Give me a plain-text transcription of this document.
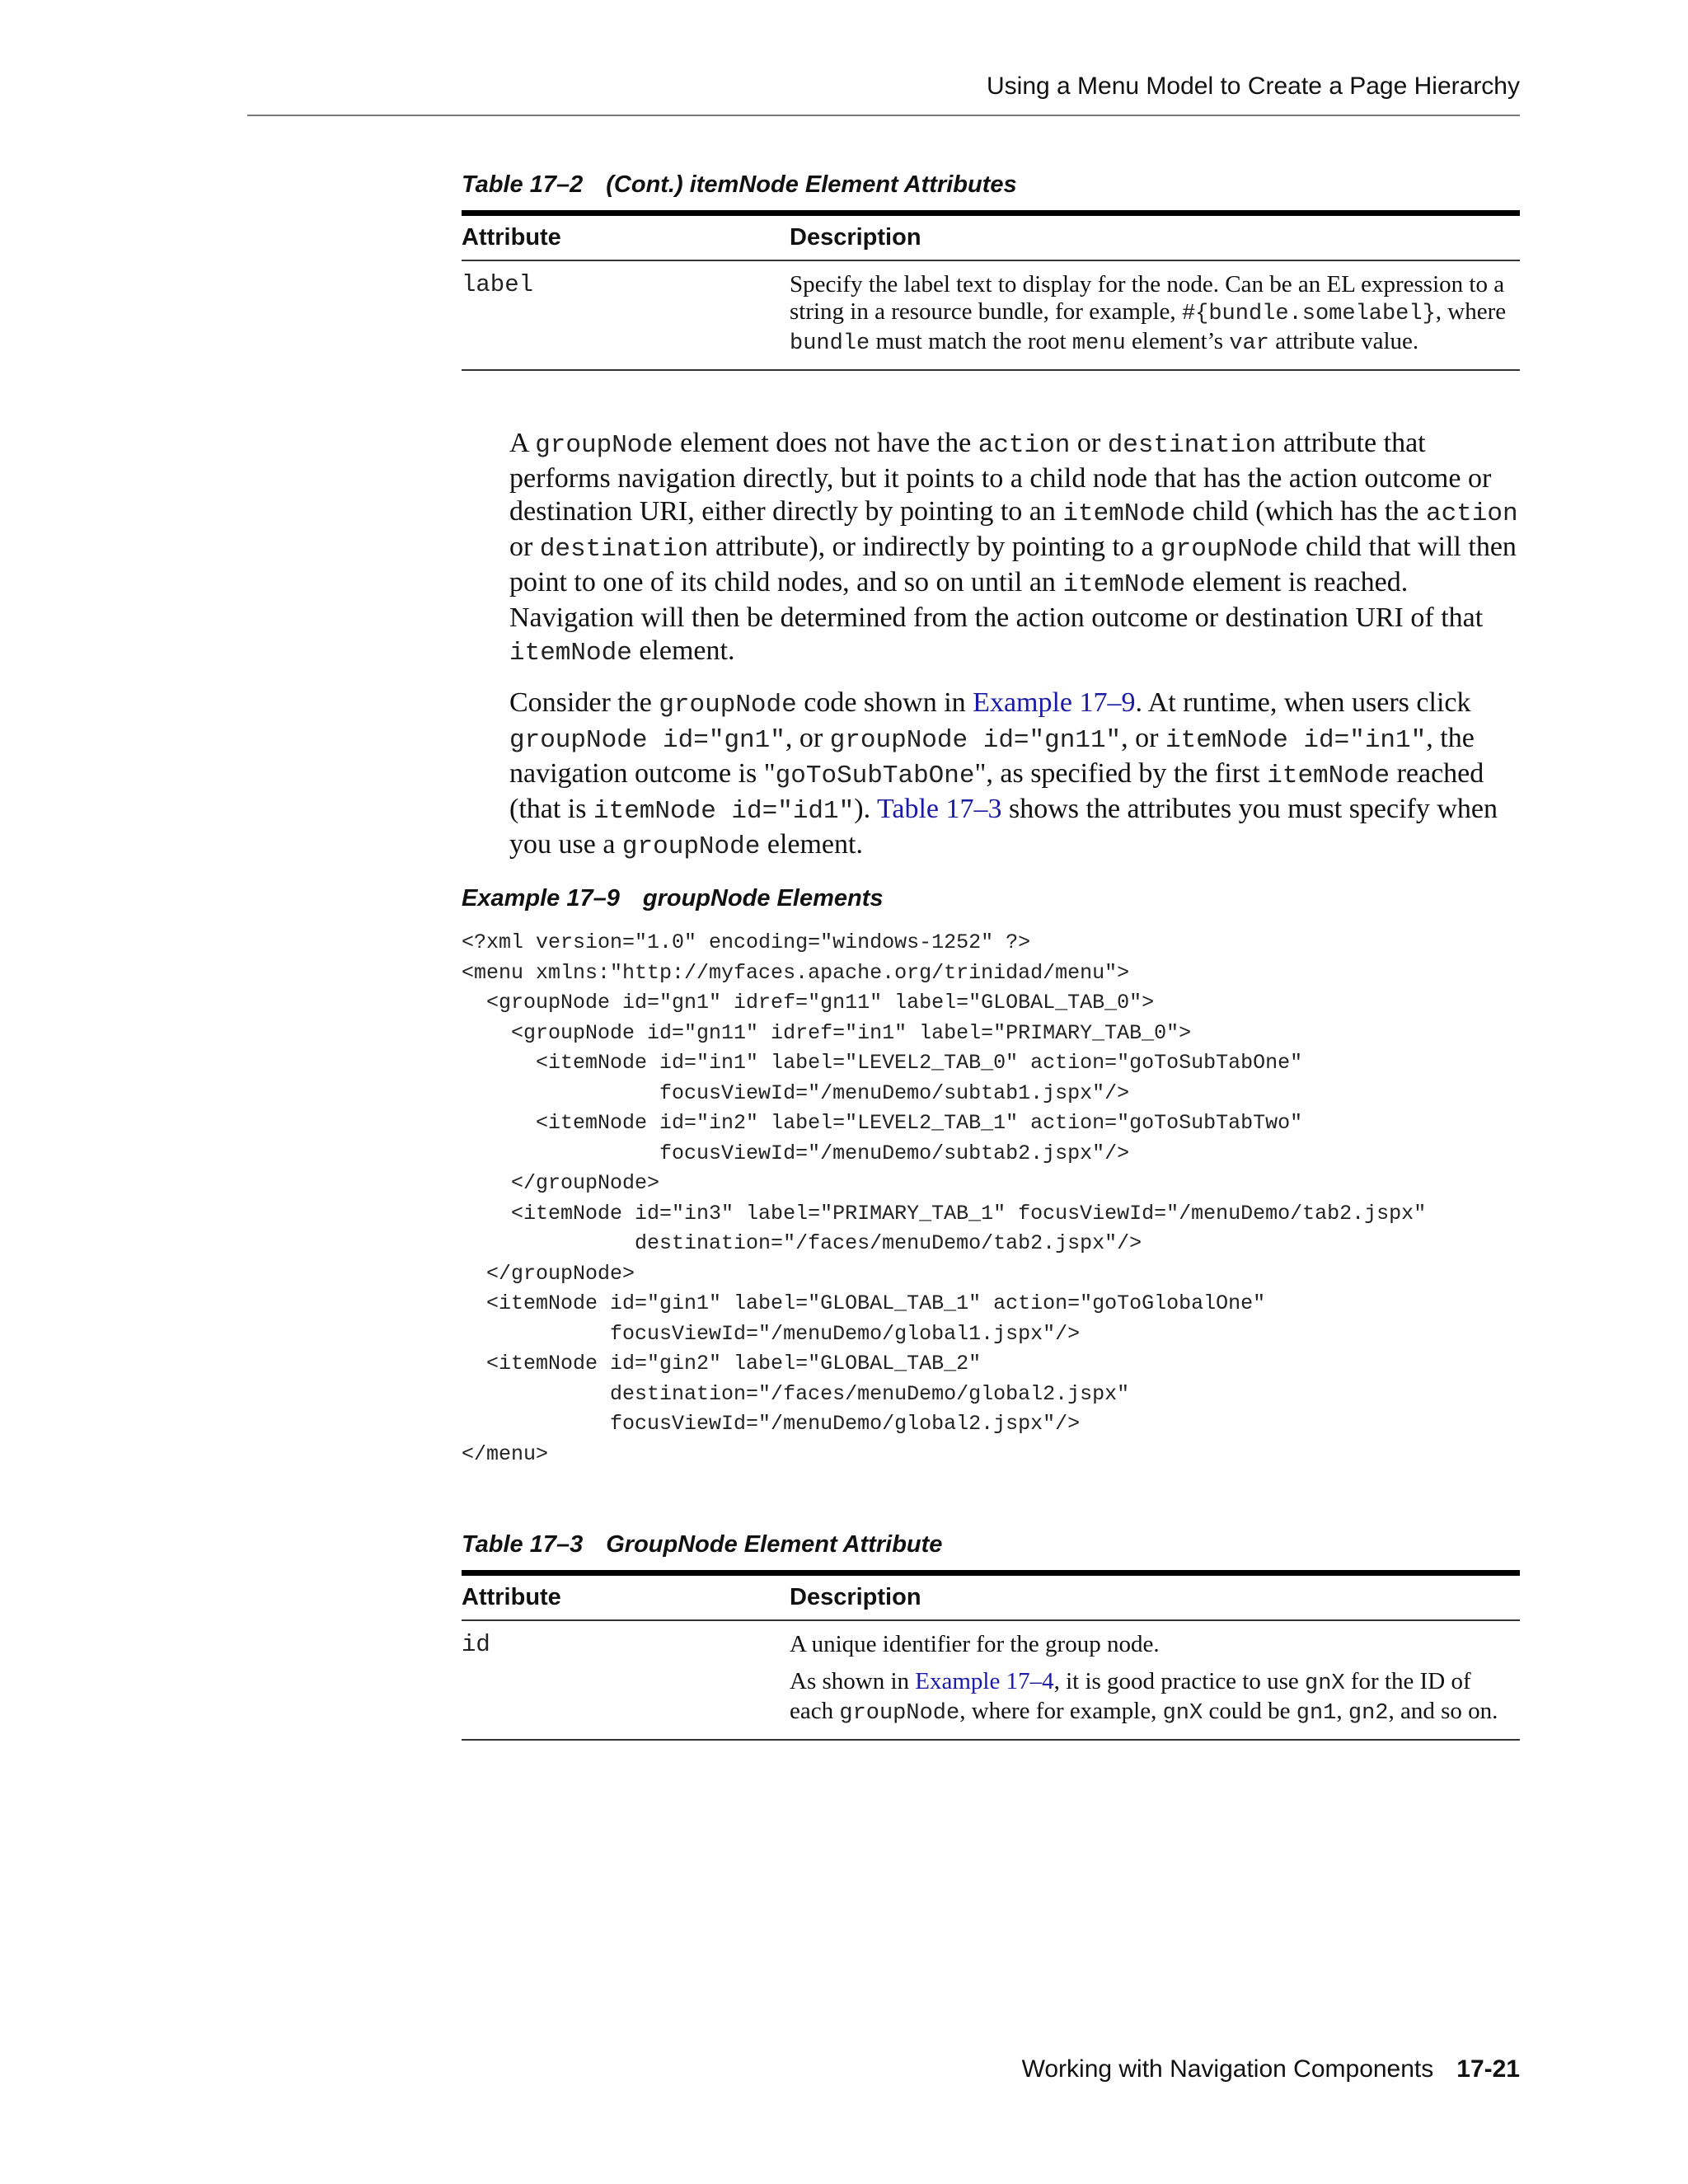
Using a Menu Model to Create a Page Hierarchy
Table 17–2 (Cont.) itemNode Element Attributes
Attribute	Description
label	Specify the label text to display for the node. Can be an EL expression to a string in a resource bundle, for example, #{bundle.somelabel}, where bundle must match the root menu element’s var attribute value.

A groupNode element does not have the action or destination attribute that performs navigation directly, but it points to a child node that has the action outcome or destination URI, either directly by pointing to an itemNode child (which has the action or destination attribute), or indirectly by pointing to a groupNode child that will then point to one of its child nodes, and so on until an itemNode element is reached. Navigation will then be determined from the action outcome or destination URI of that itemNode element.

Consider the groupNode code shown in Example 17–9. At runtime, when users click groupNode id="gn1", or groupNode id="gn11", or itemNode id="in1", the navigation outcome is "goToSubTabOne", as specified by the first itemNode reached (that is itemNode id="id1"). Table 17–3 shows the attributes you must specify when you use a groupNode element.

Example 17–9 groupNode Elements
<?xml version="1.0" encoding="windows-1252" ?>
<menu xmlns:"http://myfaces.apache.org/trinidad/menu">
<groupNode id="gn1" idref="gn11" label="GLOBAL_TAB_0">
<groupNode id="gn11" idref="in1" label="PRIMARY_TAB_0">
<itemNode id="in1" label="LEVEL2_TAB_0" action="goToSubTabOne"
focusViewId="/menuDemo/subtab1.jspx"/>
<itemNode id="in2" label="LEVEL2_TAB_1" action="goToSubTabTwo"
focusViewId="/menuDemo/subtab2.jspx"/>
</groupNode>
<itemNode id="in3" label="PRIMARY_TAB_1" focusViewId="/menuDemo/tab2.jspx"
destination="/faces/menuDemo/tab2.jspx"/>
</groupNode>
<itemNode id="gin1" label="GLOBAL_TAB_1" action="goToGlobalOne"
focusViewId="/menuDemo/global1.jspx"/>
<itemNode id="gin2" label="GLOBAL_TAB_2"
destination="/faces/menuDemo/global2.jspx"
focusViewId="/menuDemo/global2.jspx"/>
</menu>
Table 17–3 GroupNode Element Attribute
Attribute	Description
id	A unique identifier for the group node.
As shown in Example 17–4, it is good practice to use gnX for the ID of each groupNode, where for example, gnX could be gn1, gn2, and so on.
Working with Navigation Components 17-21
